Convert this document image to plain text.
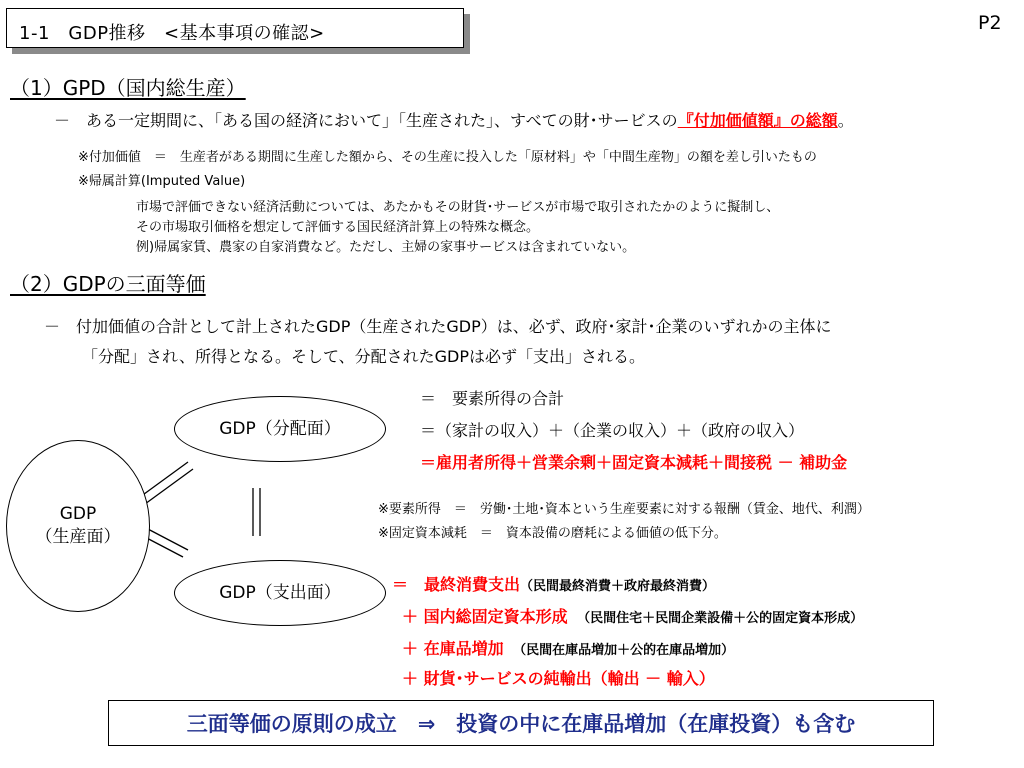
1-1　GDP推移　<基本事項の確認>	P2
（1）GPD（国内総生産）
－　ある一定期間に、「ある国の経済において」「生産された」、すべての財･サービスの『付加価値額』の総額。
※付加価値　＝　生産者がある期間に生産した額から、その生産に投入した「原材料」や「中間生産物」の額を差し引いたもの
※帰属計算(Imputed Value)
市場で評価できない経済活動については、あたかもその財貨･サービスが市場で取引されたかのように擬制し、
その市場取引価格を想定して評価する国民経済計算上の特殊な概念。
例)帰属家賃、農家の自家消費など。ただし、主婦の家事サービスは含まれていない。
（2）GDPの三面等価
－　付加価値の合計として計上されたGDP（生産されたGDP）は、必ず、政府･家計･企業のいずれかの主体に
「分配」され、所得となる。そして、分配されたGDPは必ず「支出」される。
GDP
（生産面）
GDP（分配面）
GDP（支出面）
＝　要素所得の合計
＝（家計の収入）＋（企業の収入）＋（政府の収入）
＝雇用者所得＋営業余剰＋固定資本減耗＋間接税 － 補助金
※要素所得　＝　労働･土地･資本という生産要素に対する報酬（賃金、地代、利潤）
※固定資本減耗　＝　資本設備の磨耗による価値の低下分。
＝　最終消費支出（民間最終消費＋政府最終消費）
＋ 国内総固定資本形成　 （民間住宅＋民間企業設備＋公的固定資本形成）
＋ 在庫品増加　 （民間在庫品増加＋公的在庫品増加）
＋ 財貨･サービスの純輸出（輸出 － 輸入）
三面等価の原則の成立　⇒　投資の中に在庫品増加（在庫投資）も含む
